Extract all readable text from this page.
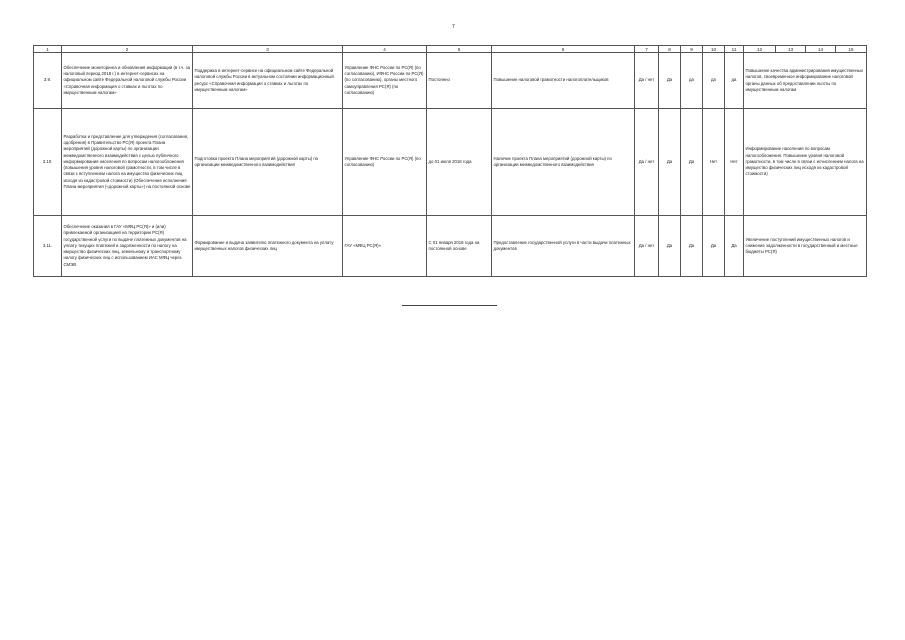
7
1	2	3	4	5	6	7	8	9	10	11	12	13	14	15
3.9.	Обеспечение мониторинга и обновления информации (в т.ч. за налоговый период 2018 г.) в интернет-сервисах на официальном сайте Федеральной налоговой службы России «Справочная информация о ставках и льготах по имущественным налогам»	Поддержка в интернет-сервисе на официальном сайте Федеральной налоговой службы России в актуальном состоянии информационный ресурс «Справочная информация о ставках и льготах по имущественным налогам»	Управление ФНС России по РС(Я) (по согласованию), ИФНС России по РС(Я) (по согласованию), органы местного самоуправления РС(Я) (по согласованию)	Постоянно	Повышение налоговой грамотности налогоплательщиков	Да / нет	Да	да	да	да	Повышение качества администрирования имущественных налогов, своевременное информирование налоговой органы данных об предоставлении льготы по имущественным налогам			
3.10.	Разработка и представление для утверждения (согласования, одобрения) в Правительство РС(Я) проекта Плана мероприятий (дорожной карты) по организации межведомственного взаимодействия с целью публичного информирования населения по вопросам налогообложения (повышения уровня налоговой грамотности, в том числе в связи с вступлением налога на имущество физических лиц исходя из кадастровой стоимости) (Обеспечение исполнения Плана мероприятия («дорожной карты») на постоянной основе	Подготовка проекта Плана мероприятий (дорожной карты) по организации межведомственного взаимодействия	Управление ФНС России по РС(Я) (по согласованию)	до 01 июля 2018 года	Наличие проекта Плана мероприятий (дорожной карты) по организации межведомственного взаимодействия	Да / нет	Да	Да	Нет	Нет	Информирование населения по вопросам налогообложения. Повышение уровня налоговой грамотности, в том числе в связи с исчислением налога на имущество физических лиц исходя из кадастровой стоимости)			
3.11.	Обеспечение оказания в ГАУ «МФЦ РС(Я)» и (или) привлекаемой организацией на территории РС(Я) государственной услуги по выдаче платежных документов на уплату текущих платежей и задолженности по налогу на имущество физических лиц, земельному и транспортному налогу физических лиц с использованием ИАС МФЦ через СМЭВ	Формирование и выдача заявителю платежного документа на уплату имущественных налогов физических лиц	ГАУ «МФЦ РС(Я)»	С 01 января 2018 года на постоянной основе	Предоставление государственной услуги в части выдачи платежных документов	Да / нет	Да	Да	Да	Да	Увеличение поступлений имущественных налогов и снижение задолженности в государственный и местные бюджеты РС(Я)			
